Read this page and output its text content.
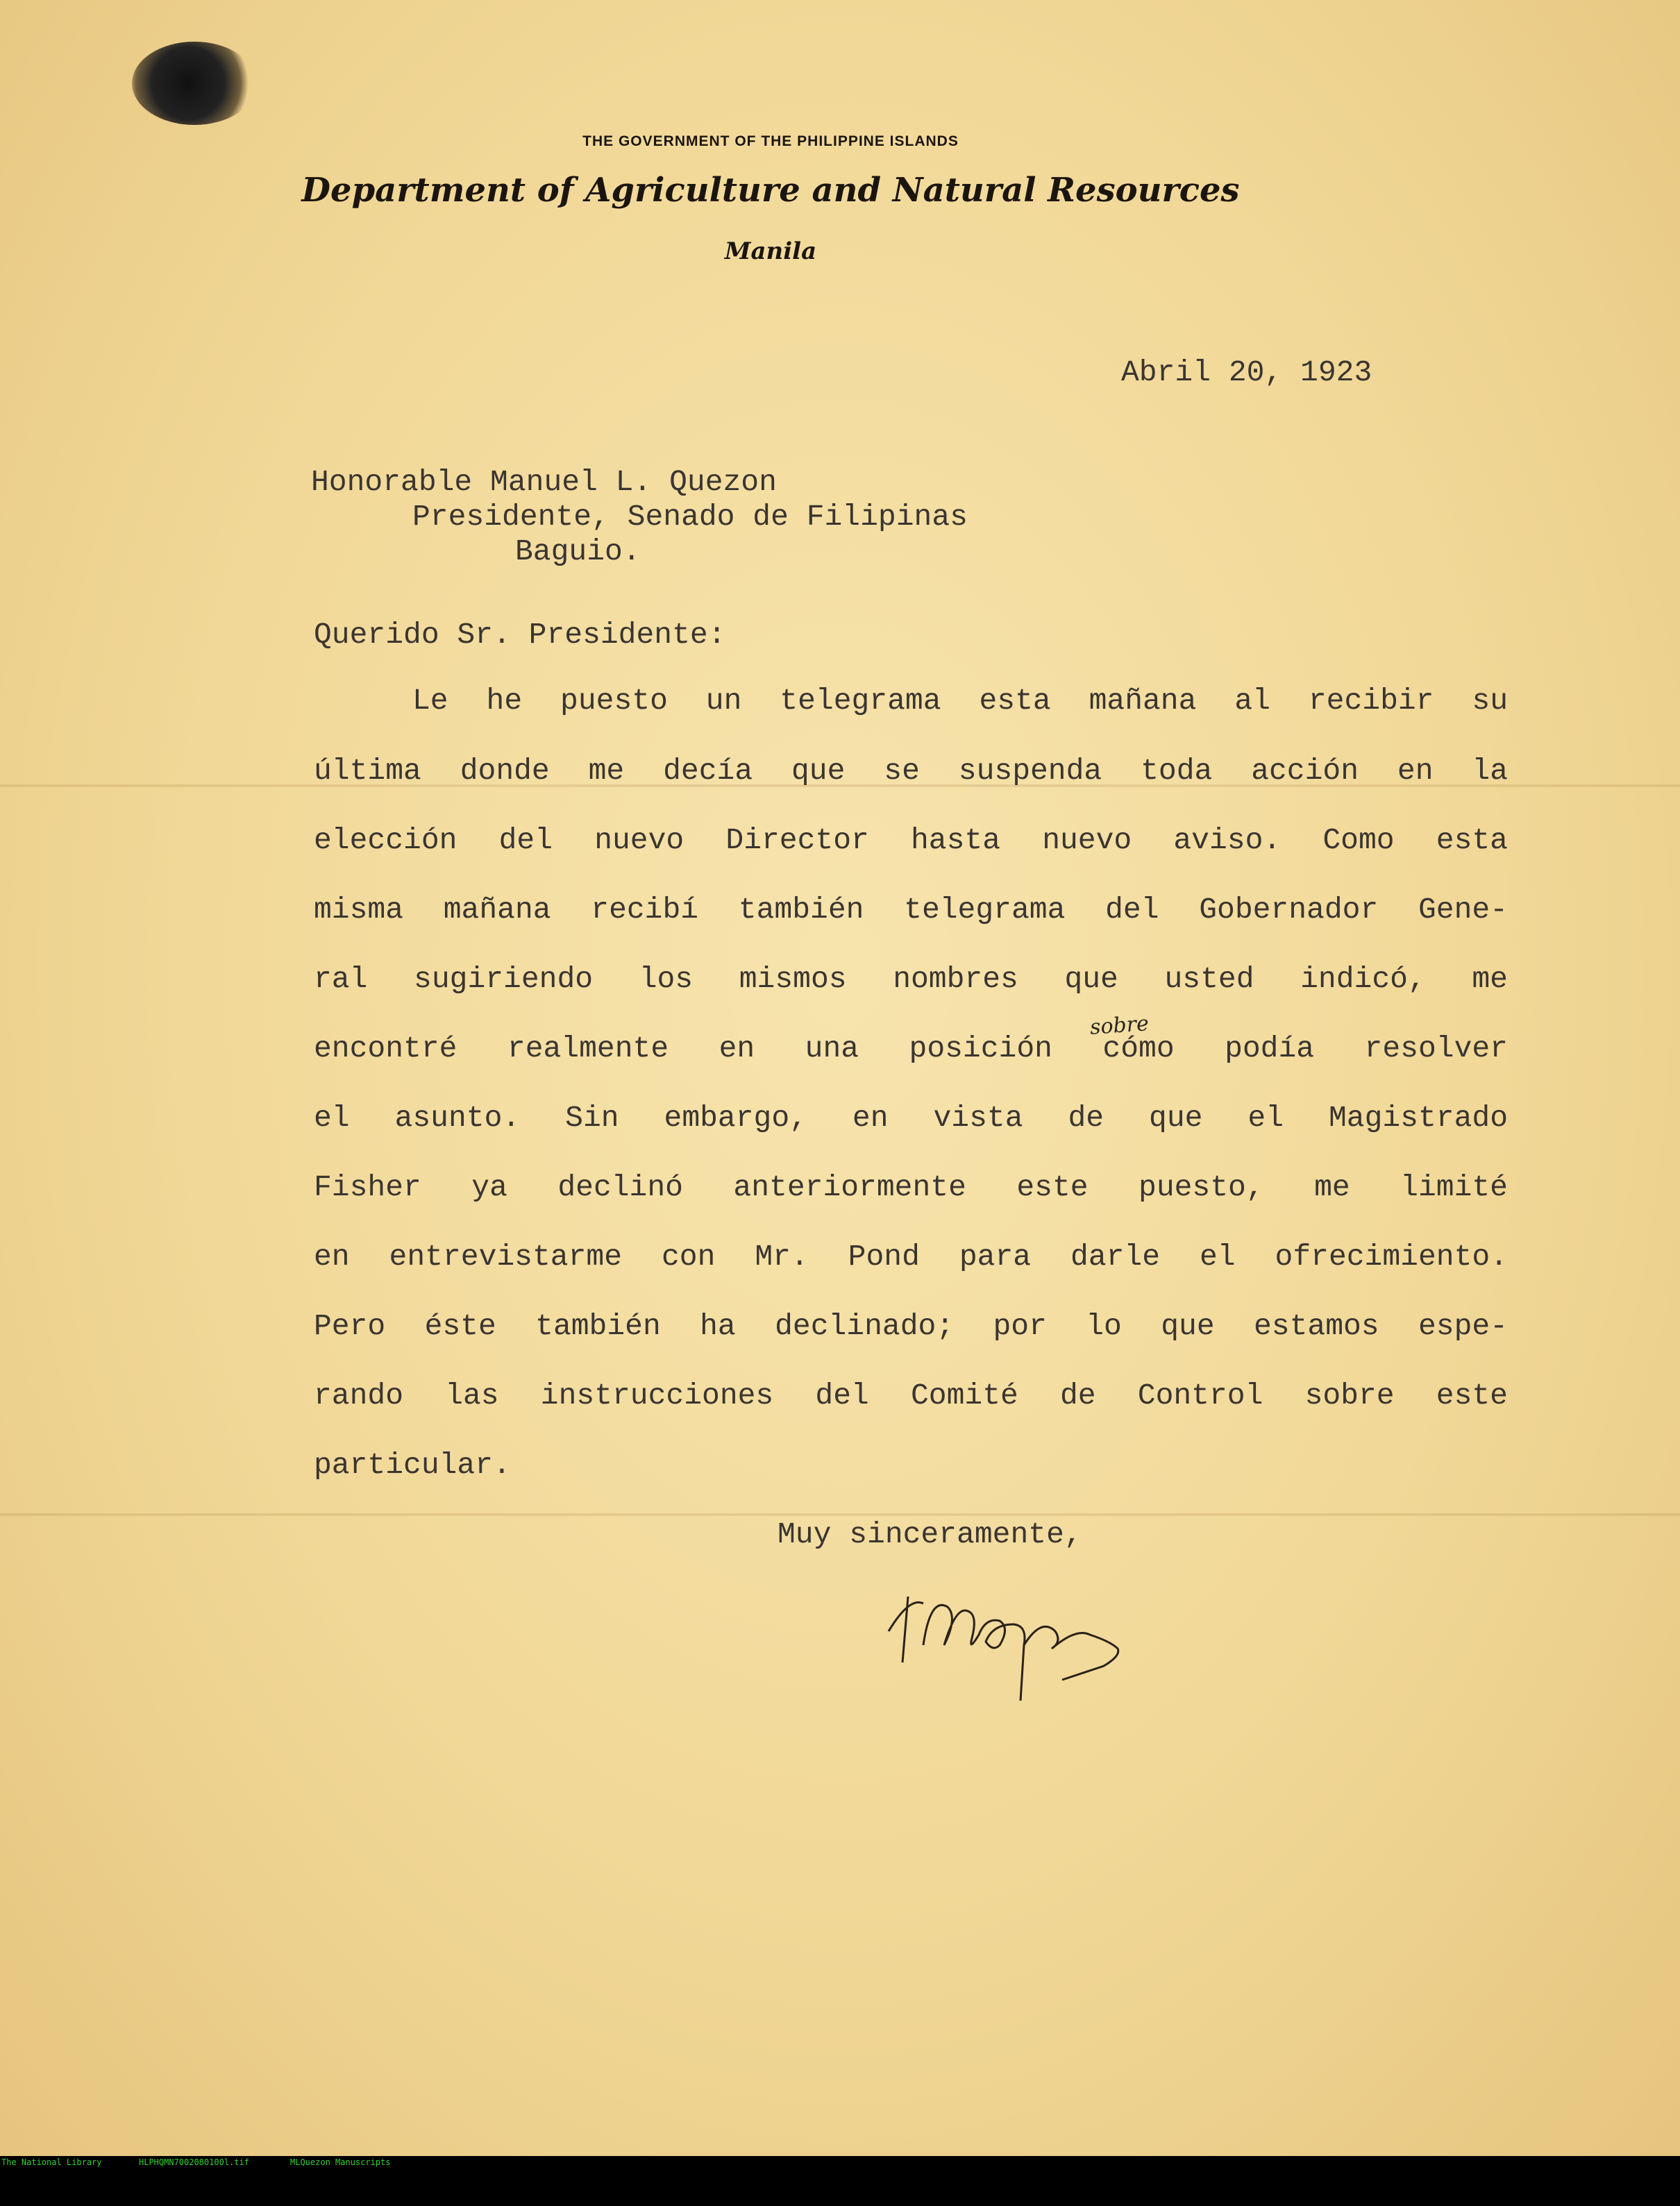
THE GOVERNMENT OF THE PHILIPPINE ISLANDS
Department of Agriculture and Natural Resources
Manila
Abril 20, 1923
Honorable Manuel L. Quezon
Presidente, Senado de Filipinas
Baguio.
Querido Sr. Presidente:
Le he puesto un telegrama esta mañana al recibir su
última donde me decía que se suspenda toda acción en la
elección del nuevo Director hasta nuevo aviso. Como esta
misma mañana recibí también telegrama del Gobernador Gene-
ral sugiriendo los mismos nombres que usted indicó, me
encontré realmente en una posición cómo podía resolver
el asunto. Sin embargo, en vista de que el Magistrado
Fisher ya declinó anteriormente este puesto, me limité
en entrevistarme con Mr. Pond para darle el ofrecimiento.
Pero éste también ha declinado; por lo que estamos espe-
rando las instrucciones del Comité de Control sobre este
particular.
sobre
Muy sinceramente,

The National Library

	HLPHQMN7002080100l.tif

	MLQuezon Manuscripts
